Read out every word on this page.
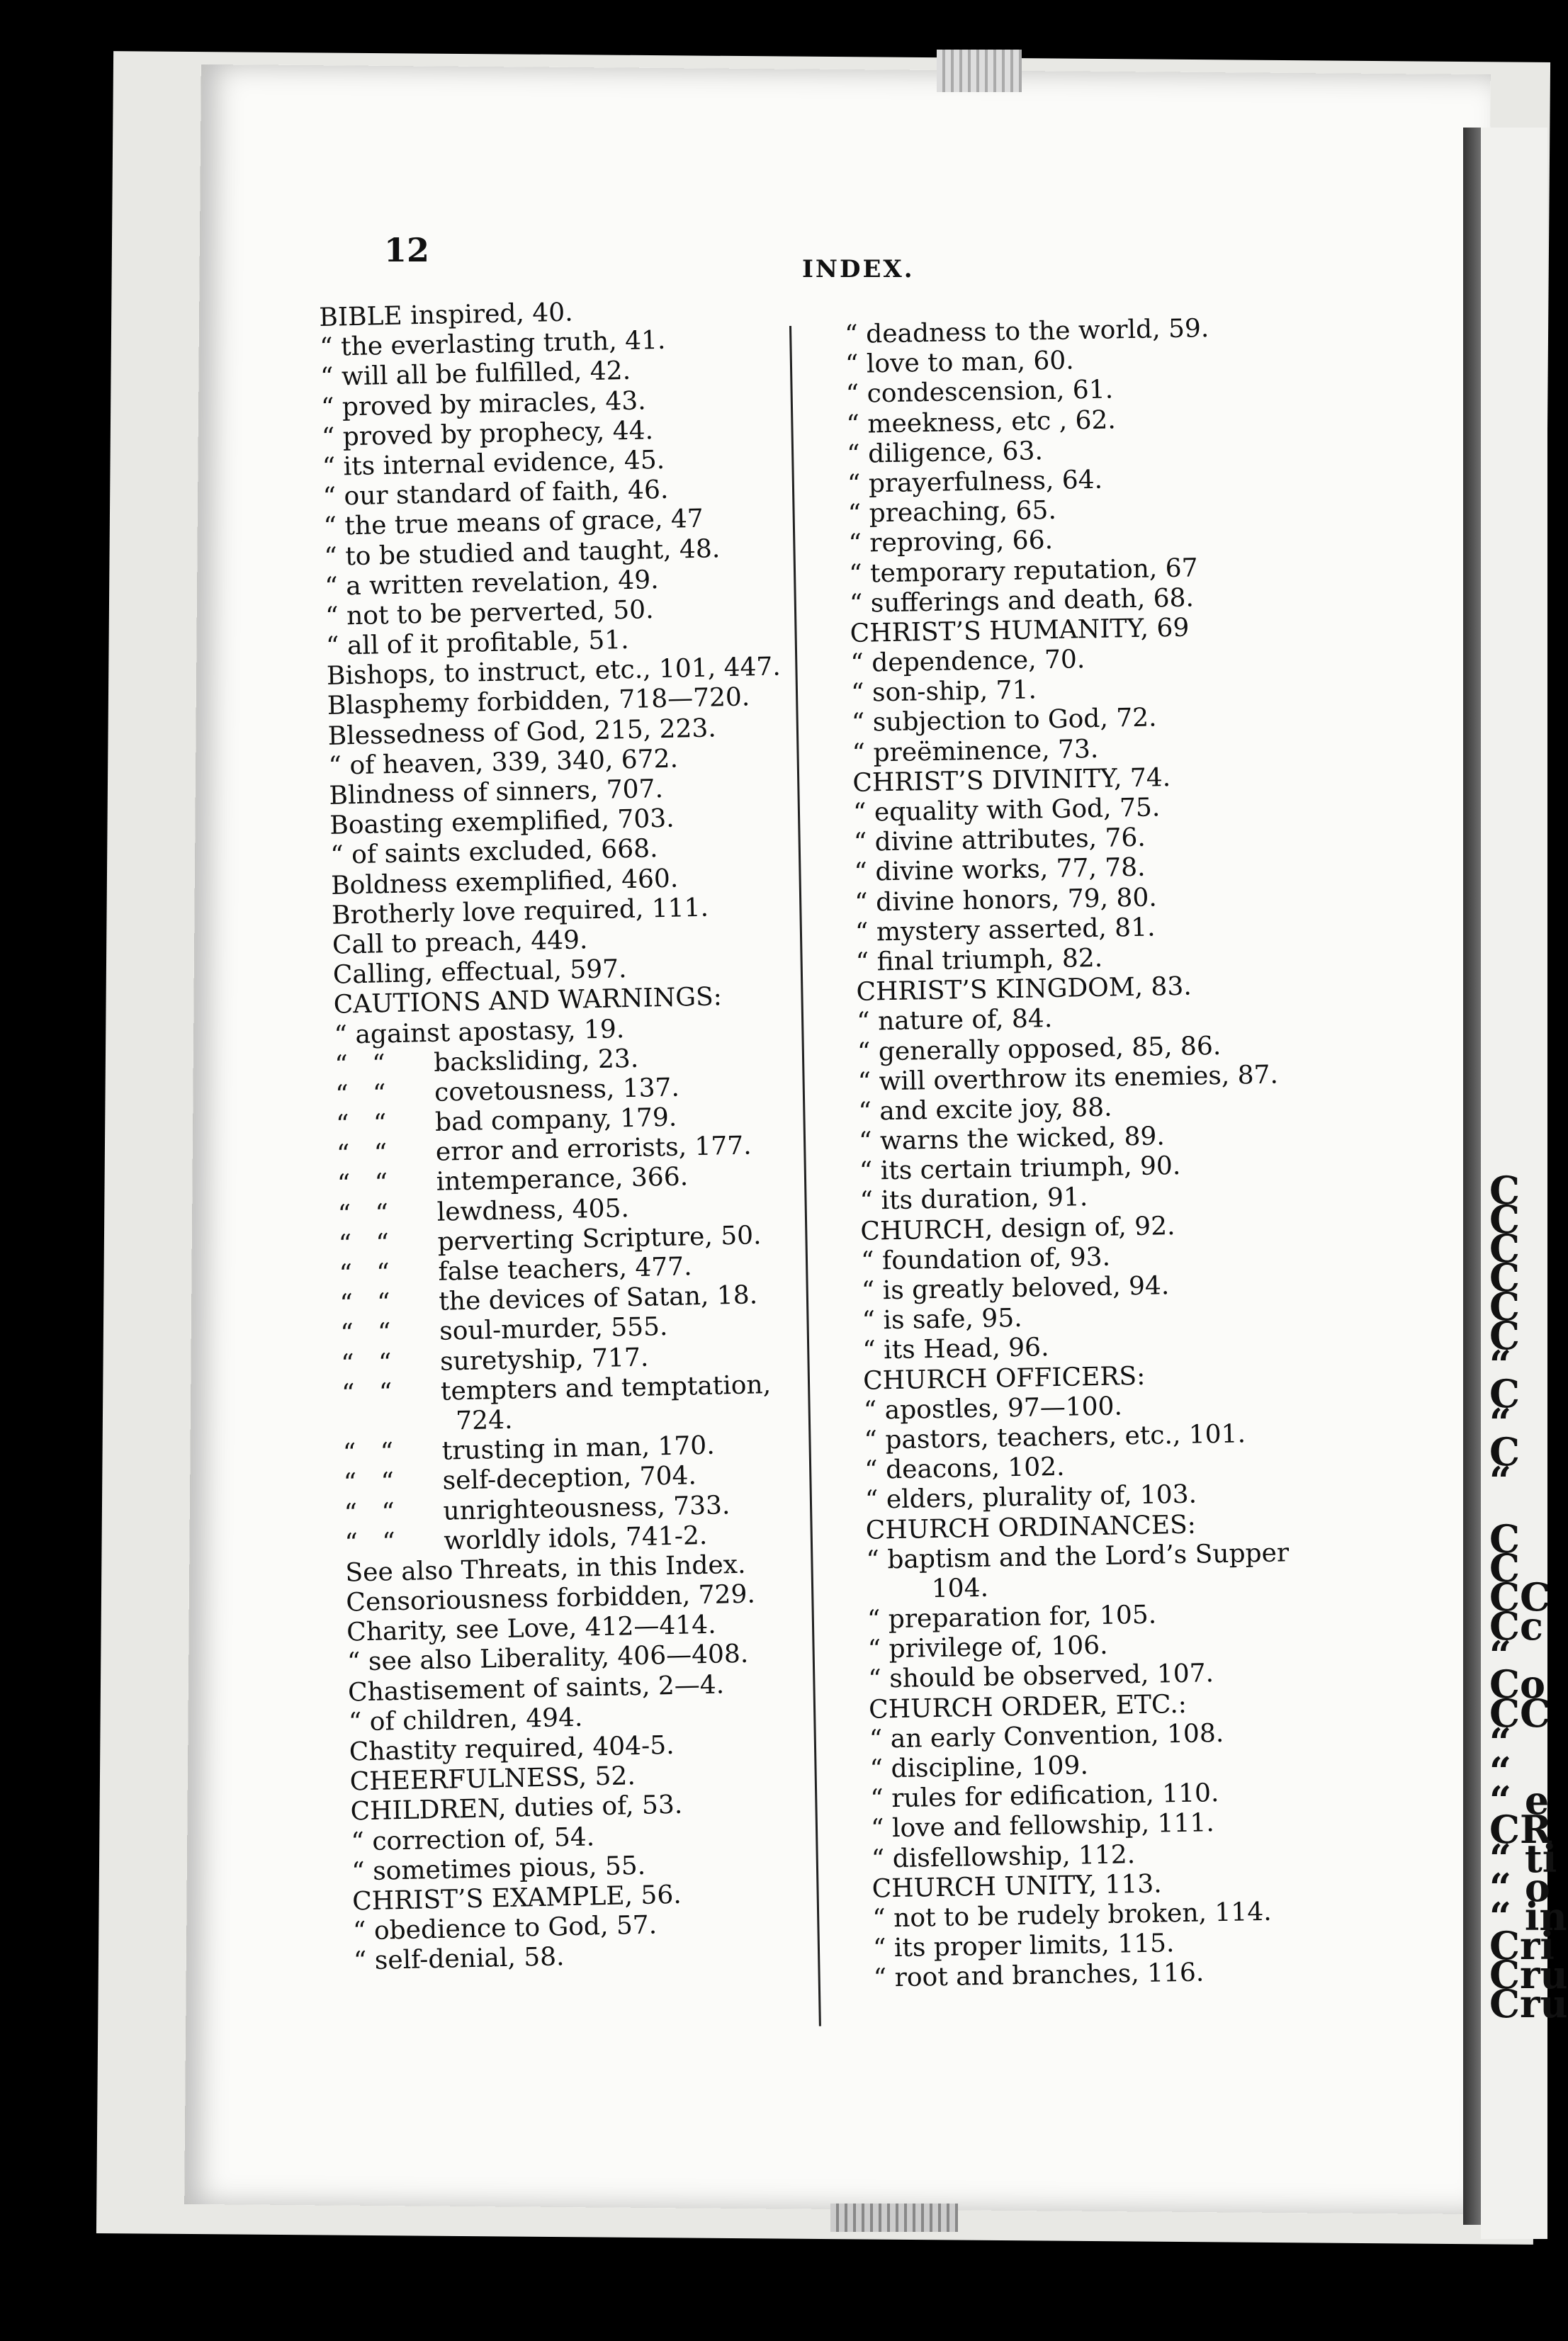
C
C
C
C
C
C
“
C
“
C
“

C
C
CC
Cc
“
Co
CC
“
“
“ e
CR
“ ti
“ o
“ in
Cri
Cru
Cru
12	INDEX.
BIBLE inspired, 40.
“ the everlasting truth, 41.
“ will all be fulfilled, 42.
“ proved by miracles, 43.
“ proved by prophecy, 44.
“ its internal evidence, 45.
“ our standard of faith, 46.
“ the true means of grace, 47
“ to be studied and taught, 48.
“ a written revelation, 49.
“ not to be perverted, 50.
“ all of it profitable, 51.
Bishops, to instruct, etc., 101, 447.
Blasphemy forbidden, 718—720.
Blessedness of God, 215, 223.
“ of heaven, 339, 340, 672.
Blindness of sinners, 707.
Boasting exemplified, 703.
“ of saints excluded, 668.
Boldness exemplified, 460.
Brotherly love required, 111.
Call to preach, 449.
Calling, effectual, 597.
CAUTIONS AND WARNINGS:
“ against apostasy, 19.
“   “      backsliding, 23.
“   “      covetousness, 137.
“   “      bad company, 179.
“   “      error and errorists, 177.
“   “      intemperance, 366.
“   “      lewdness, 405.
“   “      perverting Scripture, 50.
“   “      false teachers, 477.
“   “      the devices of Satan, 18.
“   “      soul-murder, 555.
“   “      suretyship, 717.
“   “      tempters and temptation,
724.
“   “      trusting in man, 170.
“   “      self-deception, 704.
“   “      unrighteousness, 733.
“   “      worldly idols, 741-2.
See also Threats, in this Index.
Censoriousness forbidden, 729.
Charity, see Love, 412—414.
“ see also Liberality, 406—408.
Chastisement of saints, 2—4.
“ of children, 494.
Chastity required, 404-5.
CHEERFULNESS, 52.
CHILDREN, duties of, 53.
“ correction of, 54.
“ sometimes pious, 55.
CHRIST’S EXAMPLE, 56.
“ obedience to God, 57.
“ self-denial, 58.
“ deadness to the world, 59.
“ love to man, 60.
“ condescension, 61.
“ meekness, etc , 62.
“ diligence, 63.
“ prayerfulness, 64.
“ preaching, 65.
“ reproving, 66.
“ temporary reputation, 67
“ sufferings and death, 68.
CHRIST’S HUMANITY, 69
“ dependence, 70.
“ son-ship, 71.
“ subjection to God, 72.
“ preëminence, 73.
CHRIST’S DIVINITY, 74.
“ equality with God, 75.
“ divine attributes, 76.
“ divine works, 77, 78.
“ divine honors, 79, 80.
“ mystery asserted, 81.
“ final triumph, 82.
CHRIST’S KINGDOM, 83.
“ nature of, 84.
“ generally opposed, 85, 86.
“ will overthrow its enemies, 87.
“ and excite joy, 88.
“ warns the wicked, 89.
“ its certain triumph, 90.
“ its duration, 91.
CHURCH, design of, 92.
“ foundation of, 93.
“ is greatly beloved, 94.
“ is safe, 95.
“ its Head, 96.
CHURCH OFFICERS:
“ apostles, 97—100.
“ pastors, teachers, etc., 101.
“ deacons, 102.
“ elders, plurality of, 103.
CHURCH ORDINANCES:
“ baptism and the Lord’s Supper
104.
“ preparation for, 105.
“ privilege of, 106.
“ should be observed, 107.
CHURCH ORDER, ETC.:
“ an early Convention, 108.
“ discipline, 109.
“ rules for edification, 110.
“ love and fellowship, 111.
“ disfellowship, 112.
CHURCH UNITY, 113.
“ not to be rudely broken, 114.
“ its proper limits, 115.
“ root and branches, 116.
